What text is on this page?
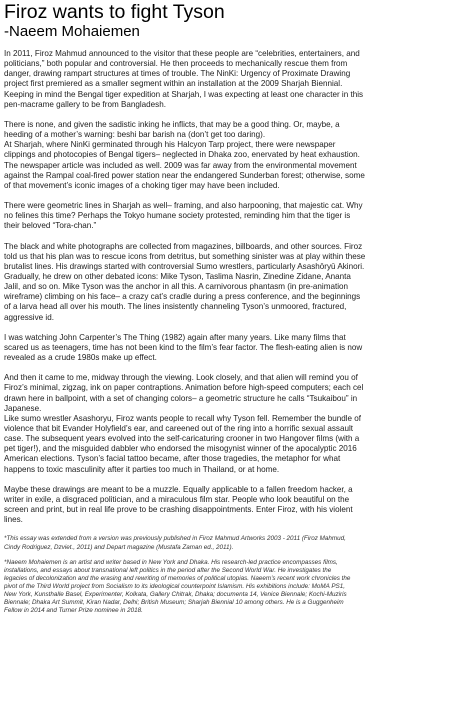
Firoz wants to fight Tyson
-Naeem Mohaiemen

In 2011, Firoz Mahmud announced to the visitor that these people are “celebrities, entertainers, and
politicians,” both popular and controversial. He then proceeds to mechanically rescue them from
danger, drawing rampart structures at times of trouble. The NinKi: Urgency of Proximate Drawing
project first premiered as a smaller segment within an installation at the 2009 Sharjah Biennial.
Keeping in mind the Bengal tiger expedition at Sharjah, I was expecting at least one character in this
pen-macrame gallery to be from Bangladesh.

There is none, and given the sadistic inking he inflicts, that may be a good thing. Or, maybe, a
heeding of a mother’s warning: beshi bar barish na (don’t get too daring).
At Sharjah, where NinKi germinated through his Halcyon Tarp project, there were newspaper
clippings and photocopies of Bengal tigers– neglected in Dhaka zoo, enervated by heat exhaustion.
The newspaper article was included as well. 2009 was far away from the environmental movement
against the Rampal coal-fired power station near the endangered Sunderban forest; otherwise, some
of that movement’s iconic images of a choking tiger may have been included.

There were geometric lines in Sharjah as well– framing, and also harpooning, that majestic cat. Why
no felines this time? Perhaps the Tokyo humane society protested, reminding him that the tiger is
their beloved “Tora-chan.”

The black and white photographs are collected from magazines, billboards, and other sources. Firoz
told us that his plan was to rescue icons from detritus, but something sinister was at play within these
brutalist lines. His drawings started with controversial Sumo wrestlers, particularly Asashōryū Akinori.
Gradually, he drew on other debated icons: Mike Tyson, Taslima Nasrin, Zinedine Zidane, Ananta
Jalil, and so on. Mike Tyson was the anchor in all this. A carnivorous phantasm (in pre-animation
wireframe) climbing on his face– a crazy cat’s cradle during a press conference, and the beginnings
of a larva head all over his mouth. The lines insistently channeling Tyson’s unmoored, fractured,
aggressive id.

I was watching John Carpenter’s The Thing (1982) again after many years. Like many films that
scared us as teenagers, time has not been kind to the film’s fear factor. The flesh-eating alien is now
revealed as a crude 1980s make up effect.

And then it came to me, midway through the viewing. Look closely, and that alien will remind you of
Firoz’s minimal, zigzag, ink on paper contraptions. Animation before high-speed computers; each cel
drawn here in ballpoint, with a set of changing colors– a geometric structure he calls “Tsukaibou” in
Japanese.
Like sumo wrestler Asashoryu, Firoz wants people to recall why Tyson fell. Remember the bundle of
violence that bit Evander Holyfield’s ear, and careened out of the ring into a horrific sexual assault
case. The subsequent years evolved into the self-caricaturing crooner in two Hangover films (with a
pet tiger!), and the misguided dabbler who endorsed the misogynist winner of the apocalyptic 2016
American elections. Tyson’s facial tattoo became, after those tragedies, the metaphor for what
happens to toxic masculinity after it parties too much in Thailand, or at home.

Maybe these drawings are meant to be a muzzle. Equally applicable to a fallen freedom hacker, a
writer in exile, a disgraced politician, and a miraculous film star. People who look beautiful on the
screen and print, but in real life prove to be crashing disappointments. Enter Firoz, with his violent
lines.

*This essay was extended from a version was previously published in Firoz Mahmud Artworks 2003 - 2011 (Firoz Mahmud,
Cindy Rodriguez, Dzviet., 2011) and Depart magazine (Mustafa Zaman ed., 2011).

*Naeem Mohaiemen is an artist and writer based in New York and Dhaka. His research-led practice encompasses films,
installations, and essays about transnational left politics in the period after the Second World War. He investigates the
legacies of decolonization and the erasing and rewriting of memories of political utopias. Naeem’s recent work chronicles the
pivot of the Third World project from Socialism to its ideological counterpoint Islamism. His exhibitions include: MoMA PS1,
New York, Kunsthalle Basel, Experimenter, Kolkata, Gallery Chitrak, Dhaka; documenta 14, Venice Biennale; Kochi-Muziris
Biennale; Dhaka Art Summit, Kiran Nadar, Delhi; British Museum; Sharjah Biennial 10 among others. He is a Guggenheim
Fellow in 2014 and Turner Prize nominee in 2018.
